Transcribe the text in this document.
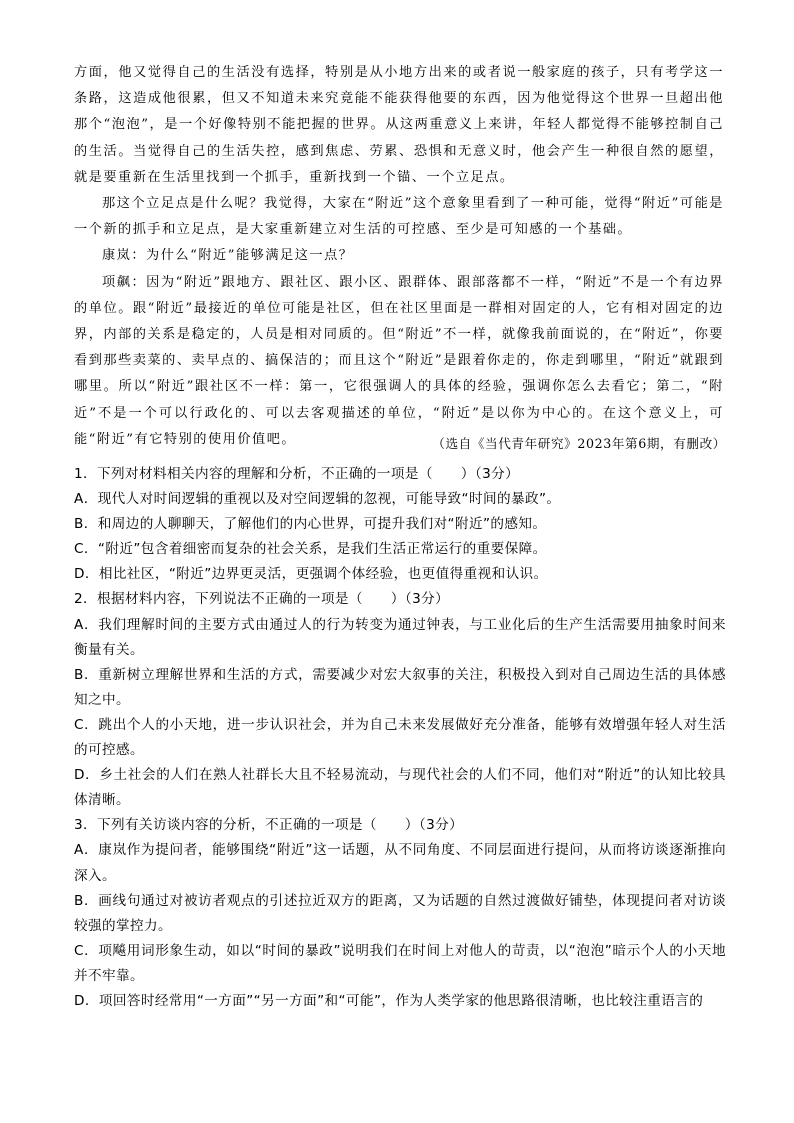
方面，他又觉得自己的生活没有选择，特别是从小地方出来的或者说一般家庭的孩子，只有考学这一条路，这造成他很累，但又不知道未来究竟能不能获得他要的东西，因为他觉得这个世界一旦超出他那个“泡泡”，是一个好像特别不能把握的世界。从这两重意义上来讲，年轻人都觉得不能够控制自己的生活。当觉得自己的生活失控，感到焦虑、劳累、恐惧和无意义时，他会产生一种很自然的愿望，就是要重新在生活里找到一个抓手，重新找到一个锚、一个立足点。

那这个立足点是什么呢？我觉得，大家在“附近”这个意象里看到了一种可能，觉得“附近”可能是一个新的抓手和立足点，是大家重新建立对生活的可控感、至少是可知感的一个基础。

康岚：为什么“附近”能够满足这一点？

项飙：因为“附近”跟地方、跟社区、跟小区、跟群体、跟部落都不一样，“附近”不是一个有边界的单位。跟“附近”最接近的单位可能是社区，但在社区里面是一群相对固定的人，它有相对固定的边界，内部的关系是稳定的，人员是相对同质的。但“附近”不一样，就像我前面说的，在“附近”，你要看到那些卖菜的、卖早点的、搞保洁的；而且这个“附近”是跟着你走的，你走到哪里，“附近”就跟到哪里。所以“附近”跟社区不一样：第一，它很强调人的具体的经验，强调你怎么去看它；第二，“附近”不是一个可以行政化的、可以去客观描述的单位，“附近”是以你为中心的。在这个意义上，可能“附近”有它特别的使用价值吧。	（选自《当代青年研究》2023年第6期，有删改）

1．下列对材料相关内容的理解和分析，不正确的一项是（　　）（3分）

A．现代人对时间逻辑的重视以及对空间逻辑的忽视，可能导致“时间的暴政”。

B．和周边的人聊聊天，了解他们的内心世界，可提升我们对“附近”的感知。

C．“附近”包含着细密而复杂的社会关系，是我们生活正常运行的重要保障。

D．相比社区，“附近”边界更灵活，更强调个体经验，也更值得重视和认识。

2．根据材料内容，下列说法不正确的一项是（　　）（3分）

A．我们理解时间的主要方式由通过人的行为转变为通过钟表，与工业化后的生产生活需要用抽象时间来衡量有关。

B．重新树立理解世界和生活的方式，需要减少对宏大叙事的关注，积极投入到对自己周边生活的具体感知之中。

C．跳出个人的小天地，进一步认识社会，并为自己未来发展做好充分准备，能够有效增强年轻人对生活的可控感。

D．乡土社会的人们在熟人社群长大且不轻易流动，与现代社会的人们不同，他们对“附近”的认知比较具体清晰。

3．下列有关访谈内容的分析，不正确的一项是（　　）（3分）

A．康岚作为提问者，能够围绕“附近”这一话题，从不同角度、不同层面进行提问，从而将访谈逐渐推向深入。

B．画线句通过对被访者观点的引述拉近双方的距离，又为话题的自然过渡做好铺垫，体现提问者对访谈较强的掌控力。

C．项飚用词形象生动，如以“时间的暴政”说明我们在时间上对他人的苛责，以“泡泡”暗示个人的小天地并不牢靠。

D．项回答时经常用“一方面”“另一方面”和“可能”，作为人类学家的他思路很清晰，也比较注重语言的
